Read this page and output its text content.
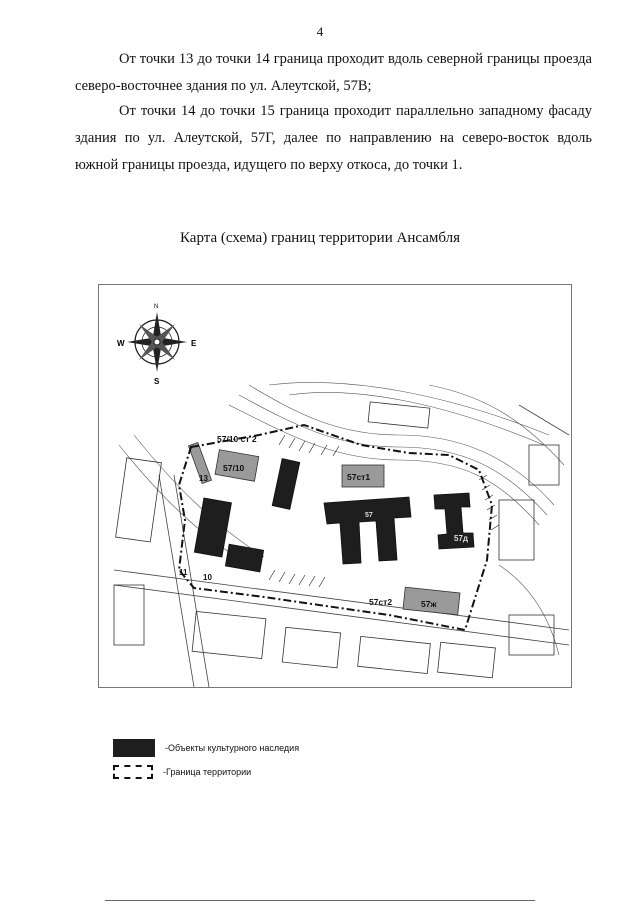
4

От точки 13 до точки 14 граница проходит вдоль северной границы проезда северо-восточнее здания по ул. Алеутской, 57В;

От точки 14 до точки 15 граница проходит параллельно западному фасаду здания по ул. Алеутской, 57Г, далее по направлению на северо-восток вдоль южной границы проезда, идущего по верху откоса, до точки 1.

Карта (схема) границ территории Ансамбля
N
W	E
S
57/10 ст 2
57/10
57ст1
57
57д
57ст2	57ж
13
11
10
-Объекты культурного наследия
-Граница территории
